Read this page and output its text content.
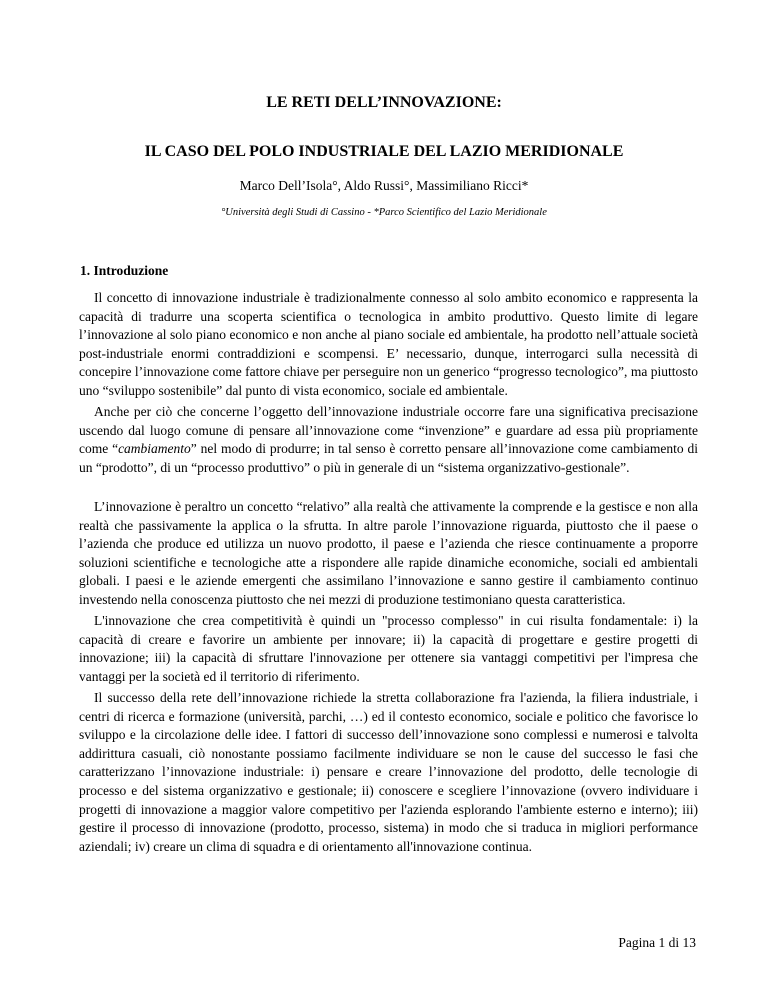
LE RETI DELL’INNOVAZIONE:
IL CASO DEL POLO INDUSTRIALE DEL LAZIO MERIDIONALE
Marco Dell’Isola°, Aldo Russi°, Massimiliano Ricci*
°Università degli Studi di Cassino - *Parco Scientifico del Lazio Meridionale
1. Introduzione

Il concetto di innovazione industriale è tradizionalmente connesso al solo ambito economico e rappresenta la capacità di tradurre una scoperta scientifica o tecnologica in ambito produttivo. Questo limite di legare l’innovazione al solo piano economico e non anche al piano sociale ed ambientale, ha prodotto nell’attuale società post-industriale enormi contraddizioni e scompensi. E’ necessario, dunque, interrogarci sulla necessità di concepire l’innovazione come fattore chiave per perseguire non un generico “progresso tecnologico”, ma piuttosto uno “sviluppo sostenibile” dal punto di vista economico, sociale ed ambientale.

Anche per ciò che concerne l’oggetto dell’innovazione industriale occorre fare una significativa precisazione uscendo dal luogo comune di pensare all’innovazione come “invenzione” e guardare ad essa più propriamente come “cambiamento” nel modo di produrre; in tal senso è corretto pensare all’innovazione come cambiamento di un “prodotto”, di un “processo produttivo” o più in generale di un “sistema organizzativo-gestionale”.

L’innovazione è peraltro un concetto “relativo” alla realtà che attivamente la comprende e la gestisce e non alla realtà che passivamente la applica o la sfrutta. In altre parole l’innovazione riguarda, piuttosto che il paese o l’azienda che produce ed utilizza un nuovo prodotto, il paese e l’azienda che riesce continuamente a proporre soluzioni scientifiche e tecnologiche atte a rispondere alle rapide dinamiche economiche, sociali ed ambientali globali. I paesi e le aziende emergenti che assimilano l’innovazione e sanno gestire il cambiamento continuo investendo nella conoscenza piuttosto che nei mezzi di produzione testimoniano questa caratteristica.

L'innovazione che crea competitività è quindi un "processo complesso" in cui risulta fondamentale: i) la capacità di creare e favorire un ambiente per innovare; ii) la capacità di progettare e gestire progetti di innovazione; iii) la capacità di sfruttare l'innovazione per ottenere sia vantaggi competitivi per l'impresa che vantaggi per la società ed il territorio di riferimento.

Il successo della rete dell’innovazione richiede la stretta collaborazione fra l'azienda, la filiera industriale, i centri di ricerca e formazione (università, parchi, …) ed il contesto economico, sociale e politico che favorisce lo sviluppo e la circolazione delle idee. I fattori di successo dell’innovazione sono complessi e numerosi e talvolta addirittura casuali, ciò nonostante possiamo facilmente individuare se non le cause del successo le fasi che caratterizzano l’innovazione industriale: i) pensare e creare l’innovazione del prodotto, delle tecnologie di processo e del sistema organizzativo e gestionale; ii) conoscere e scegliere l’innovazione (ovvero individuare i progetti di innovazione a maggior valore competitivo per l'azienda esplorando l'ambiente esterno e interno); iii) gestire il processo di innovazione (prodotto, processo, sistema) in modo che si traduca in migliori performance aziendali; iv) creare un clima di squadra e di orientamento all'innovazione continua.

Pagina 1 di 13
